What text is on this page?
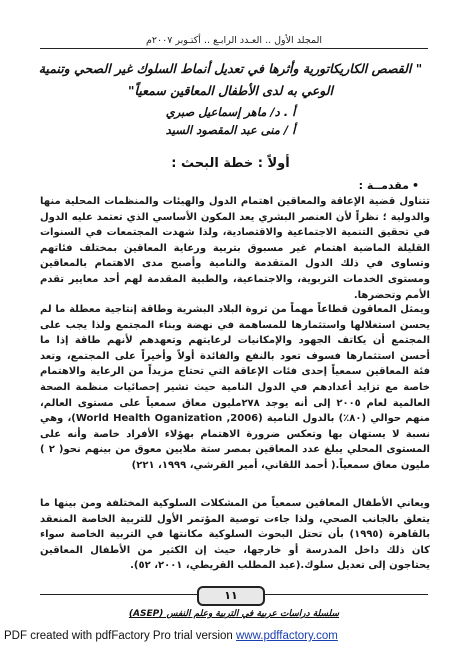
المجلد الأول .. العـدد الرابـع .. أكتـوبر ٢٠٠٧م
" القصص الكاريكاتورية وأثرها في تعديل أنماط السلوك غير الصحي وتنمية الوعي به لدى الأطفال المعاقين سمعياً"
أ . د/ ماهر إسماعيل صبري
أ / منى عبد المقصود السيد
أولاً : خطة البحث :
•مقدمــة :
تتناول قضية الإعاقة والمعاقين اهتمام الدول والهيئات والمنظمات المحلية منها والدولية ؛ نظراً لأن العنصر البشري يعد المكون الأساسي الذي تعتمد عليه الدول في تحقيق التنمية الاجتماعية والاقتصادية، ولذا شهدت المجتمعات في السنوات القليلة الماضية اهتمام غير مسبوق بتربية ورعاية المعاقين بمختلف فئاتهم وتساوى في ذلك الدول المتقدمة والنامية وأصبح مدى الاهتمام بالمعاقين ومستوى الخدمات التربوية، والاجتماعية، والطبية المقدمة لهم أحد معايير تقدم الأمم وتحضرها.
ويمثل المعاقون قطاعاً مهماً من ثروة البلاد البشرية وطاقة إنتاجية معطلة ما لم يحسن استغلالها واستثمارها للمساهمة في نهضة وبناء المجتمع ولذا يجب على المجتمع أن يكاتف الجهود والإمكانيات لرعايتهم وتعهدهم لأنهم طاقة إذا ما أحسن استثمارها فسوف تعود بالنفع والفائدة أولاً وأخيراً على المجتمع، وتعد فئة المعاقين سمعياً إحدى فئات الإعاقة التي تحتاج مزيداً من الرعاية والاهتمام خاصة مع تزايد أعدادهم في الدول النامية حيث تشير إحصائيات منظمة الصحة العالمية لعام ٢٠٠٥ إلى أنه يوجد ٢٧٨مليون معاق سمعياً على مستوى العالم، منهم حوالي (٨٠٪) بالدول النامية (World Health Oganization ,2006)، وهي نسبة لا يستهان بها وتعكس ضرورة الاهتمام بهؤلاء الأفراد خاصة وأنه على المستوى المحلي يبلغ عدد المعاقين بمصر ستة ملايين معوق من بينهم نحو( ٢ ) مليون معاق سمعياً.( أحمد اللقاني، أمير القرشي، ١٩٩٩، ٢٢١)
ويعاني الأطفال المعاقين سمعياً من المشكلات السلوكية المختلفة ومن بينها ما يتعلق بالجانب الصحي، ولذا جاءت توصية المؤتمر الأول للتربية الخاصة المنعقد بالقاهرة (١٩٩٥) بأن تحتل البحوث السلوكية مكانتها في التربية الخاصة سواء كان ذلك داخل المدرسة أو خارجها، حيث إن الكثير من الأطفال المعاقين يحتاجون إلى تعديل سلوك.(عبد المطلب القريطي، ٢٠٠١، ٥٢).
١١
سلسلة دراسات عربية في التربية وعلم النفس (ASEP)
PDF created with pdfFactory Pro trial version www.pdffactory.com
